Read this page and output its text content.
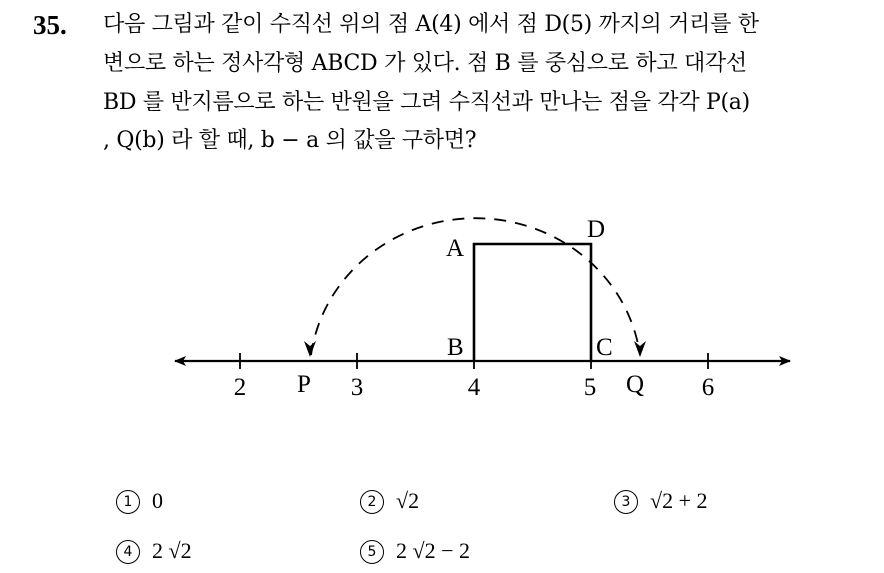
35. 다음 그림과 같이 수직선 위의 점 A(4) 에서 점 D(5) 까지의 거리를 한
변으로 하는 정사각형 ABCD 가 있다. 점 B 를 중심으로 하고 대각선
BD 를 반지름으로 하는 반원을 그려 수직선과 만나는 점을 각각 P(a)
, Q(b) 라 할 때, b − a 의 값을 구하면?
2	3	4	5	6
A
D
B	C
P	Q
1 0	2 √2	3 √2 + 2
4 2 √2	5 2 √2 − 2
